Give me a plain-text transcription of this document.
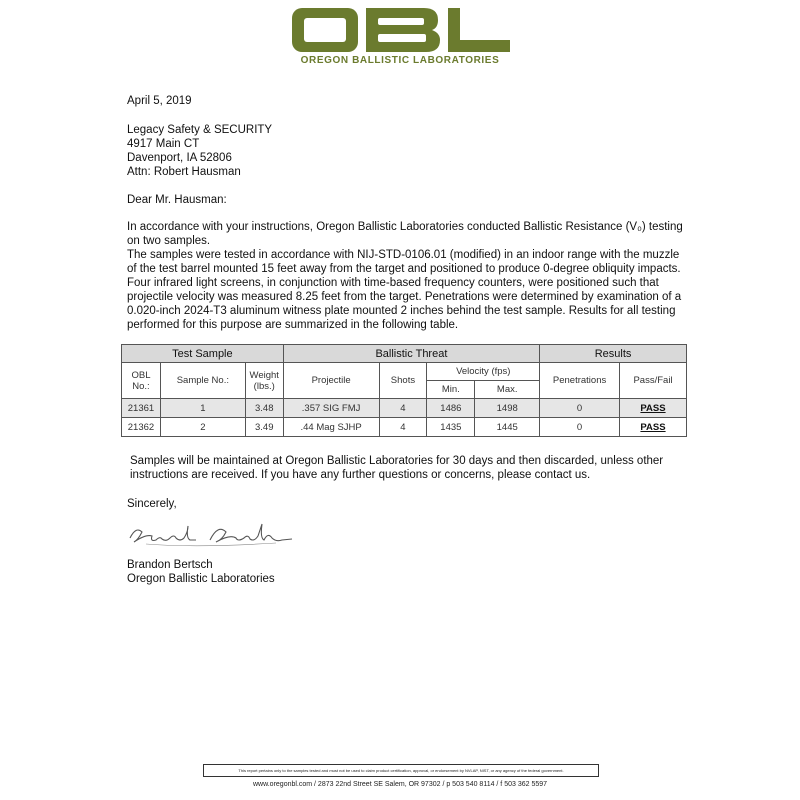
OREGON BALLISTIC LABORATORIES
April 5, 2019
Legacy Safety & SECURITY
4917 Main CT
Davenport, IA 52806
Attn: Robert Hausman
Dear Mr. Hausman:
In accordance with your instructions, Oregon Ballistic Laboratories conducted Ballistic Resistance (V₀) testing on two samples.
The samples were tested in accordance with NIJ-STD-0106.01 (modified) in an indoor range with the muzzle of the test barrel mounted 15 feet away from the target and positioned to produce 0-degree obliquity impacts. Four infrared light screens, in conjunction with time-based frequency counters, were positioned such that projectile velocity was measured 8.25 feet from the target. Penetrations were determined by examination of a 0.020-inch 2024-T3 aluminum witness plate mounted 2 inches behind the test sample. Results for all testing performed for this purpose are summarized in the following table.
Test Sample			Ballistic Threat				Results	
OBL No.:	Sample No.:	Weight (lbs.)	Projectile	Shots	Velocity (fps)		Penetrations	Pass/Fail
					Min.	Max.		
21361	1	3.48	.357 SIG FMJ	4	1486	1498	0	PASS
21362	2	3.49	.44 Mag SJHP	4	1435	1445	0	PASS
Samples will be maintained at Oregon Ballistic Laboratories for 30 days and then discarded, unless other instructions are received. If you have any further questions or concerns, please contact us.
Sincerely,
Brandon Bertsch
Oregon Ballistic Laboratories
This report pertains only to the samples tested and must not be used to claim product certification, approval, or endorsement by NVLAP, NIST, or any agency of the federal government.
www.oregonbl.com / 2873 22nd Street SE Salem, OR 97302 / p 503 540 8114 / f 503 362 5597
